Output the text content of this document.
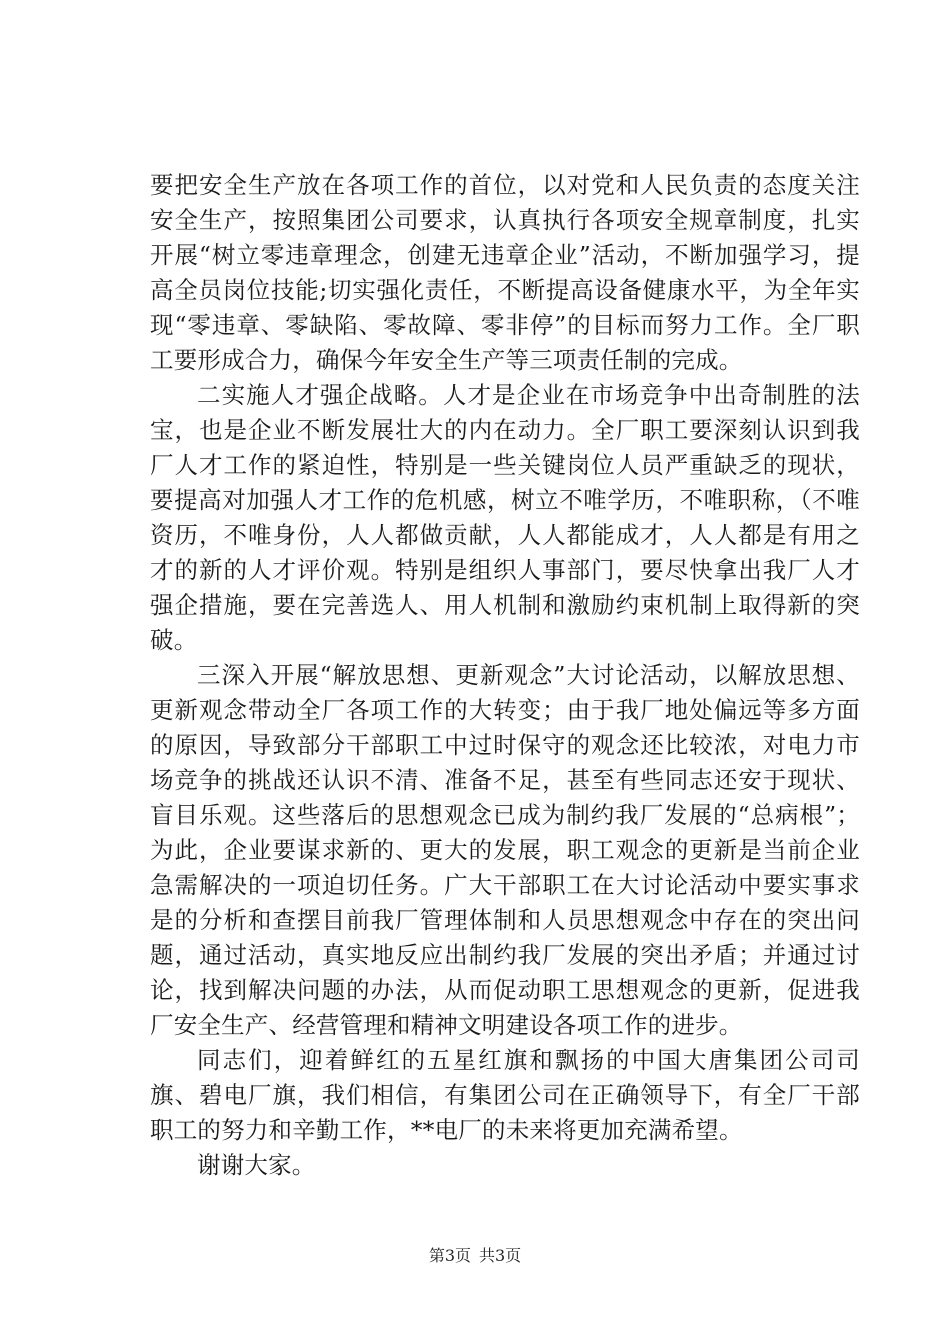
要把安全生产放在各项工作的首位，以对党和人民负责的态度关注安全生产，按照集团公司要求，认真执行各项安全规章制度，扎实开展“树立零违章理念，创建无违章企业”活动，不断加强学习，提高全员岗位技能;切实强化责任，不断提高设备健康水平，为全年实现“零违章、零缺陷、零故障、零非停”的目标而努力工作。全厂职工要形成合力，确保今年安全生产等三项责任制的完成。

二实施人才强企战略。人才是企业在市场竞争中出奇制胜的法宝，也是企业不断发展壮大的内在动力。全厂职工要深刻认识到我厂人才工作的紧迫性，特别是一些关键岗位人员严重缺乏的现状，要提高对加强人才工作的危机感，树立不唯学历，不唯职称，（不唯资历，不唯身份，人人都做贡献，人人都能成才，人人都是有用之才的新的人才评价观。特别是组织人事部门，要尽快拿出我厂人才强企措施，要在完善选人、用人机制和激励约束机制上取得新的突破。

三深入开展“解放思想、更新观念”大讨论活动，以解放思想、更新观念带动全厂各项工作的大转变；由于我厂地处偏远等多方面的原因，导致部分干部职工中过时保守的观念还比较浓，对电力市场竞争的挑战还认识不清、准备不足，甚至有些同志还安于现状、盲目乐观。这些落后的思想观念已成为制约我厂发展的“总病根”；为此，企业要谋求新的、更大的发展，职工观念的更新是当前企业急需解决的一项迫切任务。广大干部职工在大讨论活动中要实事求是的分析和查摆目前我厂管理体制和人员思想观念中存在的突出问题，通过活动，真实地反应出制约我厂发展的突出矛盾；并通过讨论，找到解决问题的办法，从而促动职工思想观念的更新，促进我厂安全生产、经营管理和精神文明建设各项工作的进步。

同志们，迎着鲜红的五星红旗和飘扬的中国大唐集团公司司旗、碧电厂旗，我们相信，有集团公司在正确领导下，有全厂干部职工的努力和辛勤工作，**电厂的未来将更加充满希望。

谢谢大家。

第3页 共3页
